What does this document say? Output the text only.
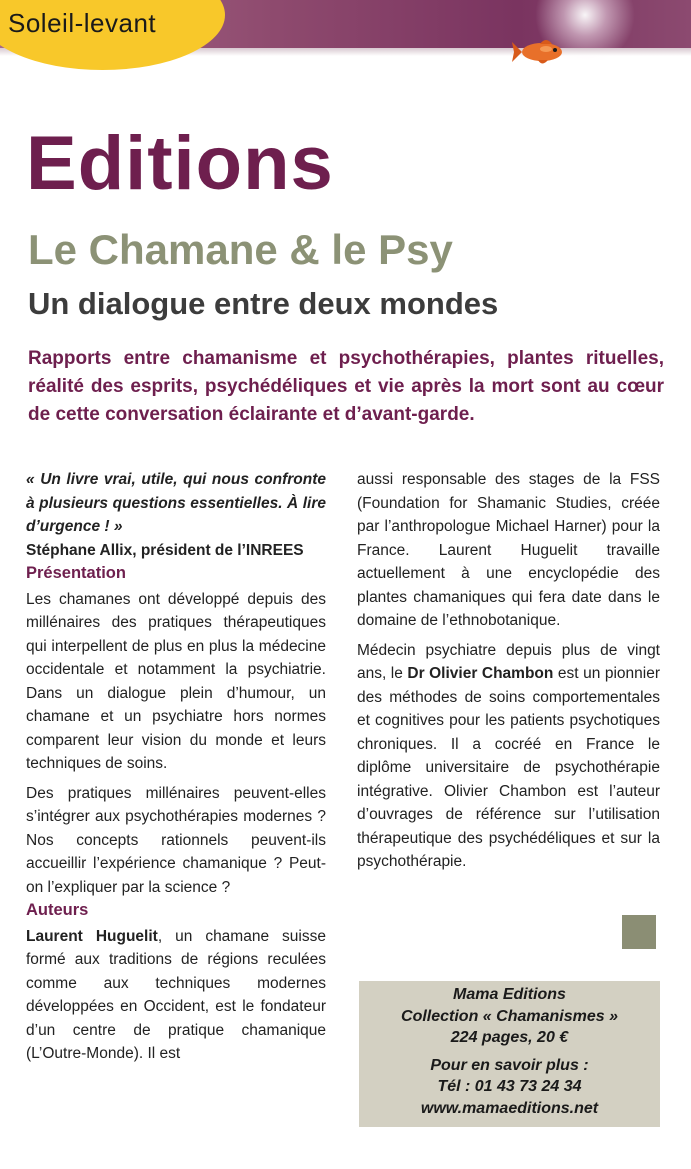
Soleil-levant
Editions
Le Chamane & le Psy
Un dialogue entre deux mondes
Rapports entre chamanisme et psychothérapies, plantes rituelles, réalité des esprits, psychédéliques et vie après la mort sont au cœur de cette conversation éclairante et d’avant-garde.
« Un livre vrai, utile, qui nous confronte à plusieurs questions essentielles. À lire d’urgence ! »
Stéphane Allix, président de l’INREES
Présentation
Les chamanes ont développé depuis des millénaires des pratiques thérapeutiques qui interpellent de plus en plus la médecine occidentale et notamment la psychiatrie. Dans un dialogue plein d’humour, un chamane et un psychiatre hors normes comparent leur vision du monde et leurs techniques de soins.
Des pratiques millénaires peuvent-elles s’intégrer aux psychothérapies modernes ? Nos concepts rationnels peuvent-ils accueillir l’expérience chamanique ? Peut-on l’expliquer par la science ?
Auteurs
Laurent Huguelit, un chamane suisse formé aux traditions de régions reculées comme aux techniques modernes développées en Occident, est le fondateur d’un centre de pratique chamanique (L’Outre-Monde). Il est
aussi responsable des stages de la FSS (Foundation for Shamanic Studies, créée par l’anthropologue Michael Harner) pour la France. Laurent Huguelit travaille actuellement à une encyclopédie des plantes chamaniques qui fera date dans le domaine de l’ethnobotanique.
Médecin psychiatre depuis plus de vingt ans, le Dr Olivier Chambon est un pionnier des méthodes de soins comportementales et cognitives pour les patients psychotiques chroniques. Il a cocréé en France le diplôme universitaire de psychothérapie intégrative. Olivier Chambon est l’auteur d’ouvrages de référence sur l’utilisation thérapeutique des psychédéliques et sur la psychothérapie.
Mama Editions
Collection « Chamanismes »
224 pages, 20 €
Pour en savoir plus :
Tél : 01 43 73 24 34
www.mamaeditions.net
